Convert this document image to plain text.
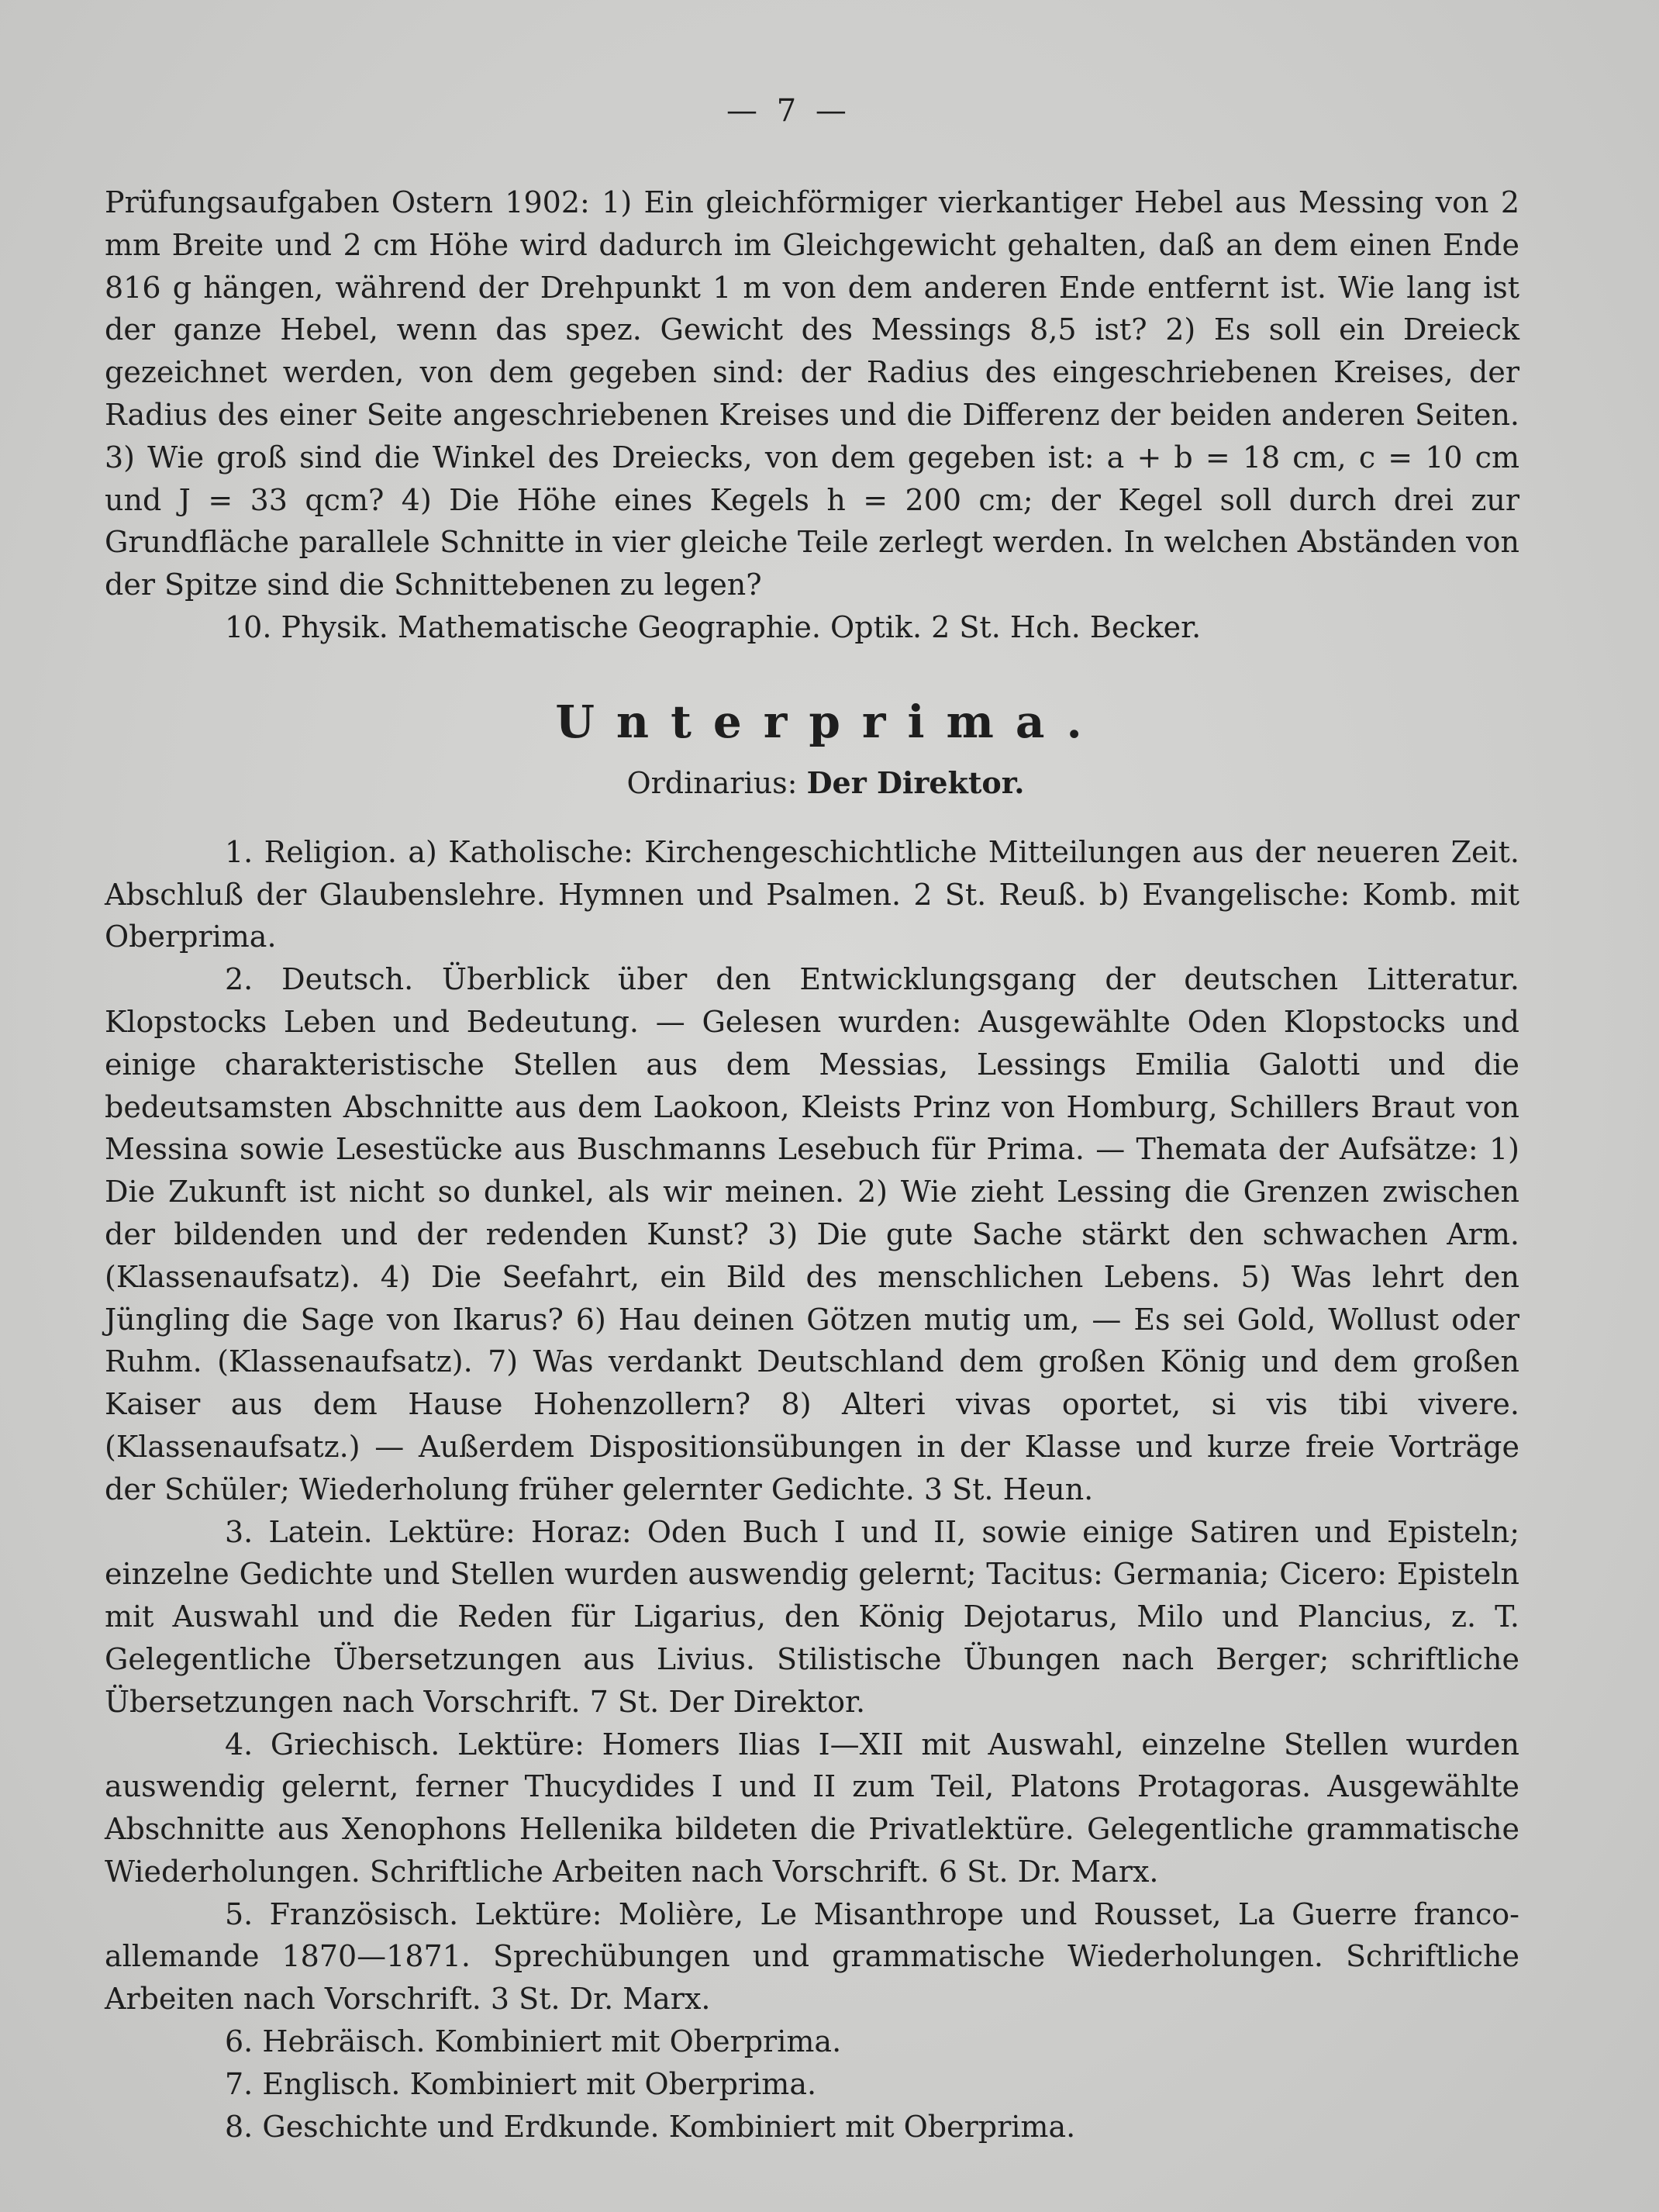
— 7 —

Prüfungsaufgaben Ostern 1902: 1) Ein gleichförmiger vierkantiger Hebel aus Messing von 2 mm Breite und 2 cm Höhe wird dadurch im Gleichgewicht gehalten, daß an dem einen Ende 816 g hängen, während der Drehpunkt 1 m von dem anderen Ende entfernt ist. Wie lang ist der ganze Hebel, wenn das spez. Gewicht des Messings 8,5 ist? 2) Es soll ein Dreieck gezeichnet werden, von dem gegeben sind: der Radius des eingeschriebenen Kreises, der Radius des einer Seite angeschriebenen Kreises und die Differenz der beiden anderen Seiten. 3) Wie groß sind die Winkel des Dreiecks, von dem gegeben ist: a + b = 18 cm, c = 10 cm und J = 33 qcm? 4) Die Höhe eines Kegels h = 200 cm; der Kegel soll durch drei zur Grundfläche parallele Schnitte in vier gleiche Teile zerlegt werden. In welchen Abständen von der Spitze sind die Schnittebenen zu legen?

10. Physik. Mathematische Geographie. Optik. 2 St. Hch. Becker.

Unterprima.
Ordinarius: Der Direktor.

1. Religion. a) Katholische: Kirchengeschichtliche Mitteilungen aus der neueren Zeit. Abschluß der Glaubenslehre. Hymnen und Psalmen. 2 St. Reuß. b) Evangelische: Komb. mit Oberprima.

2. Deutsch. Überblick über den Entwicklungsgang der deutschen Litteratur. Klopstocks Leben und Bedeutung. — Gelesen wurden: Ausgewählte Oden Klopstocks und einige charakteristische Stellen aus dem Messias, Lessings Emilia Galotti und die bedeutsamsten Abschnitte aus dem Laokoon, Kleists Prinz von Homburg, Schillers Braut von Messina sowie Lesestücke aus Buschmanns Lesebuch für Prima. — Themata der Aufsätze: 1) Die Zukunft ist nicht so dunkel, als wir meinen. 2) Wie zieht Lessing die Grenzen zwischen der bildenden und der redenden Kunst? 3) Die gute Sache stärkt den schwachen Arm. (Klassenaufsatz). 4) Die Seefahrt, ein Bild des menschlichen Lebens. 5) Was lehrt den Jüngling die Sage von Ikarus? 6) Hau deinen Götzen mutig um, — Es sei Gold, Wollust oder Ruhm. (Klassenaufsatz). 7) Was verdankt Deutschland dem großen König und dem großen Kaiser aus dem Hause Hohenzollern? 8) Alteri vivas oportet, si vis tibi vivere. (Klassenaufsatz.) — Außerdem Dispositionsübungen in der Klasse und kurze freie Vorträge der Schüler; Wiederholung früher gelernter Gedichte. 3 St. Heun.

3. Latein. Lektüre: Horaz: Oden Buch I und II, sowie einige Satiren und Episteln; einzelne Gedichte und Stellen wurden auswendig gelernt; Tacitus: Germania; Cicero: Episteln mit Auswahl und die Reden für Ligarius, den König Dejotarus, Milo und Plancius, z. T. Gelegentliche Übersetzungen aus Livius. Stilistische Übungen nach Berger; schriftliche Übersetzungen nach Vorschrift. 7 St. Der Direktor.

4. Griechisch. Lektüre: Homers Ilias I—XII mit Auswahl, einzelne Stellen wurden auswendig gelernt, ferner Thucydides I und II zum Teil, Platons Protagoras. Ausgewählte Abschnitte aus Xenophons Hellenika bildeten die Privatlektüre. Gelegentliche grammatische Wiederholungen. Schriftliche Arbeiten nach Vorschrift. 6 St. Dr. Marx.

5. Französisch. Lektüre: Molière, Le Misanthrope und Rousset, La Guerre franco-allemande 1870—1871. Sprechübungen und grammatische Wiederholungen. Schriftliche Arbeiten nach Vorschrift. 3 St. Dr. Marx.

6. Hebräisch. Kombiniert mit Oberprima.

7. Englisch. Kombiniert mit Oberprima.

8. Geschichte und Erdkunde. Kombiniert mit Oberprima.
